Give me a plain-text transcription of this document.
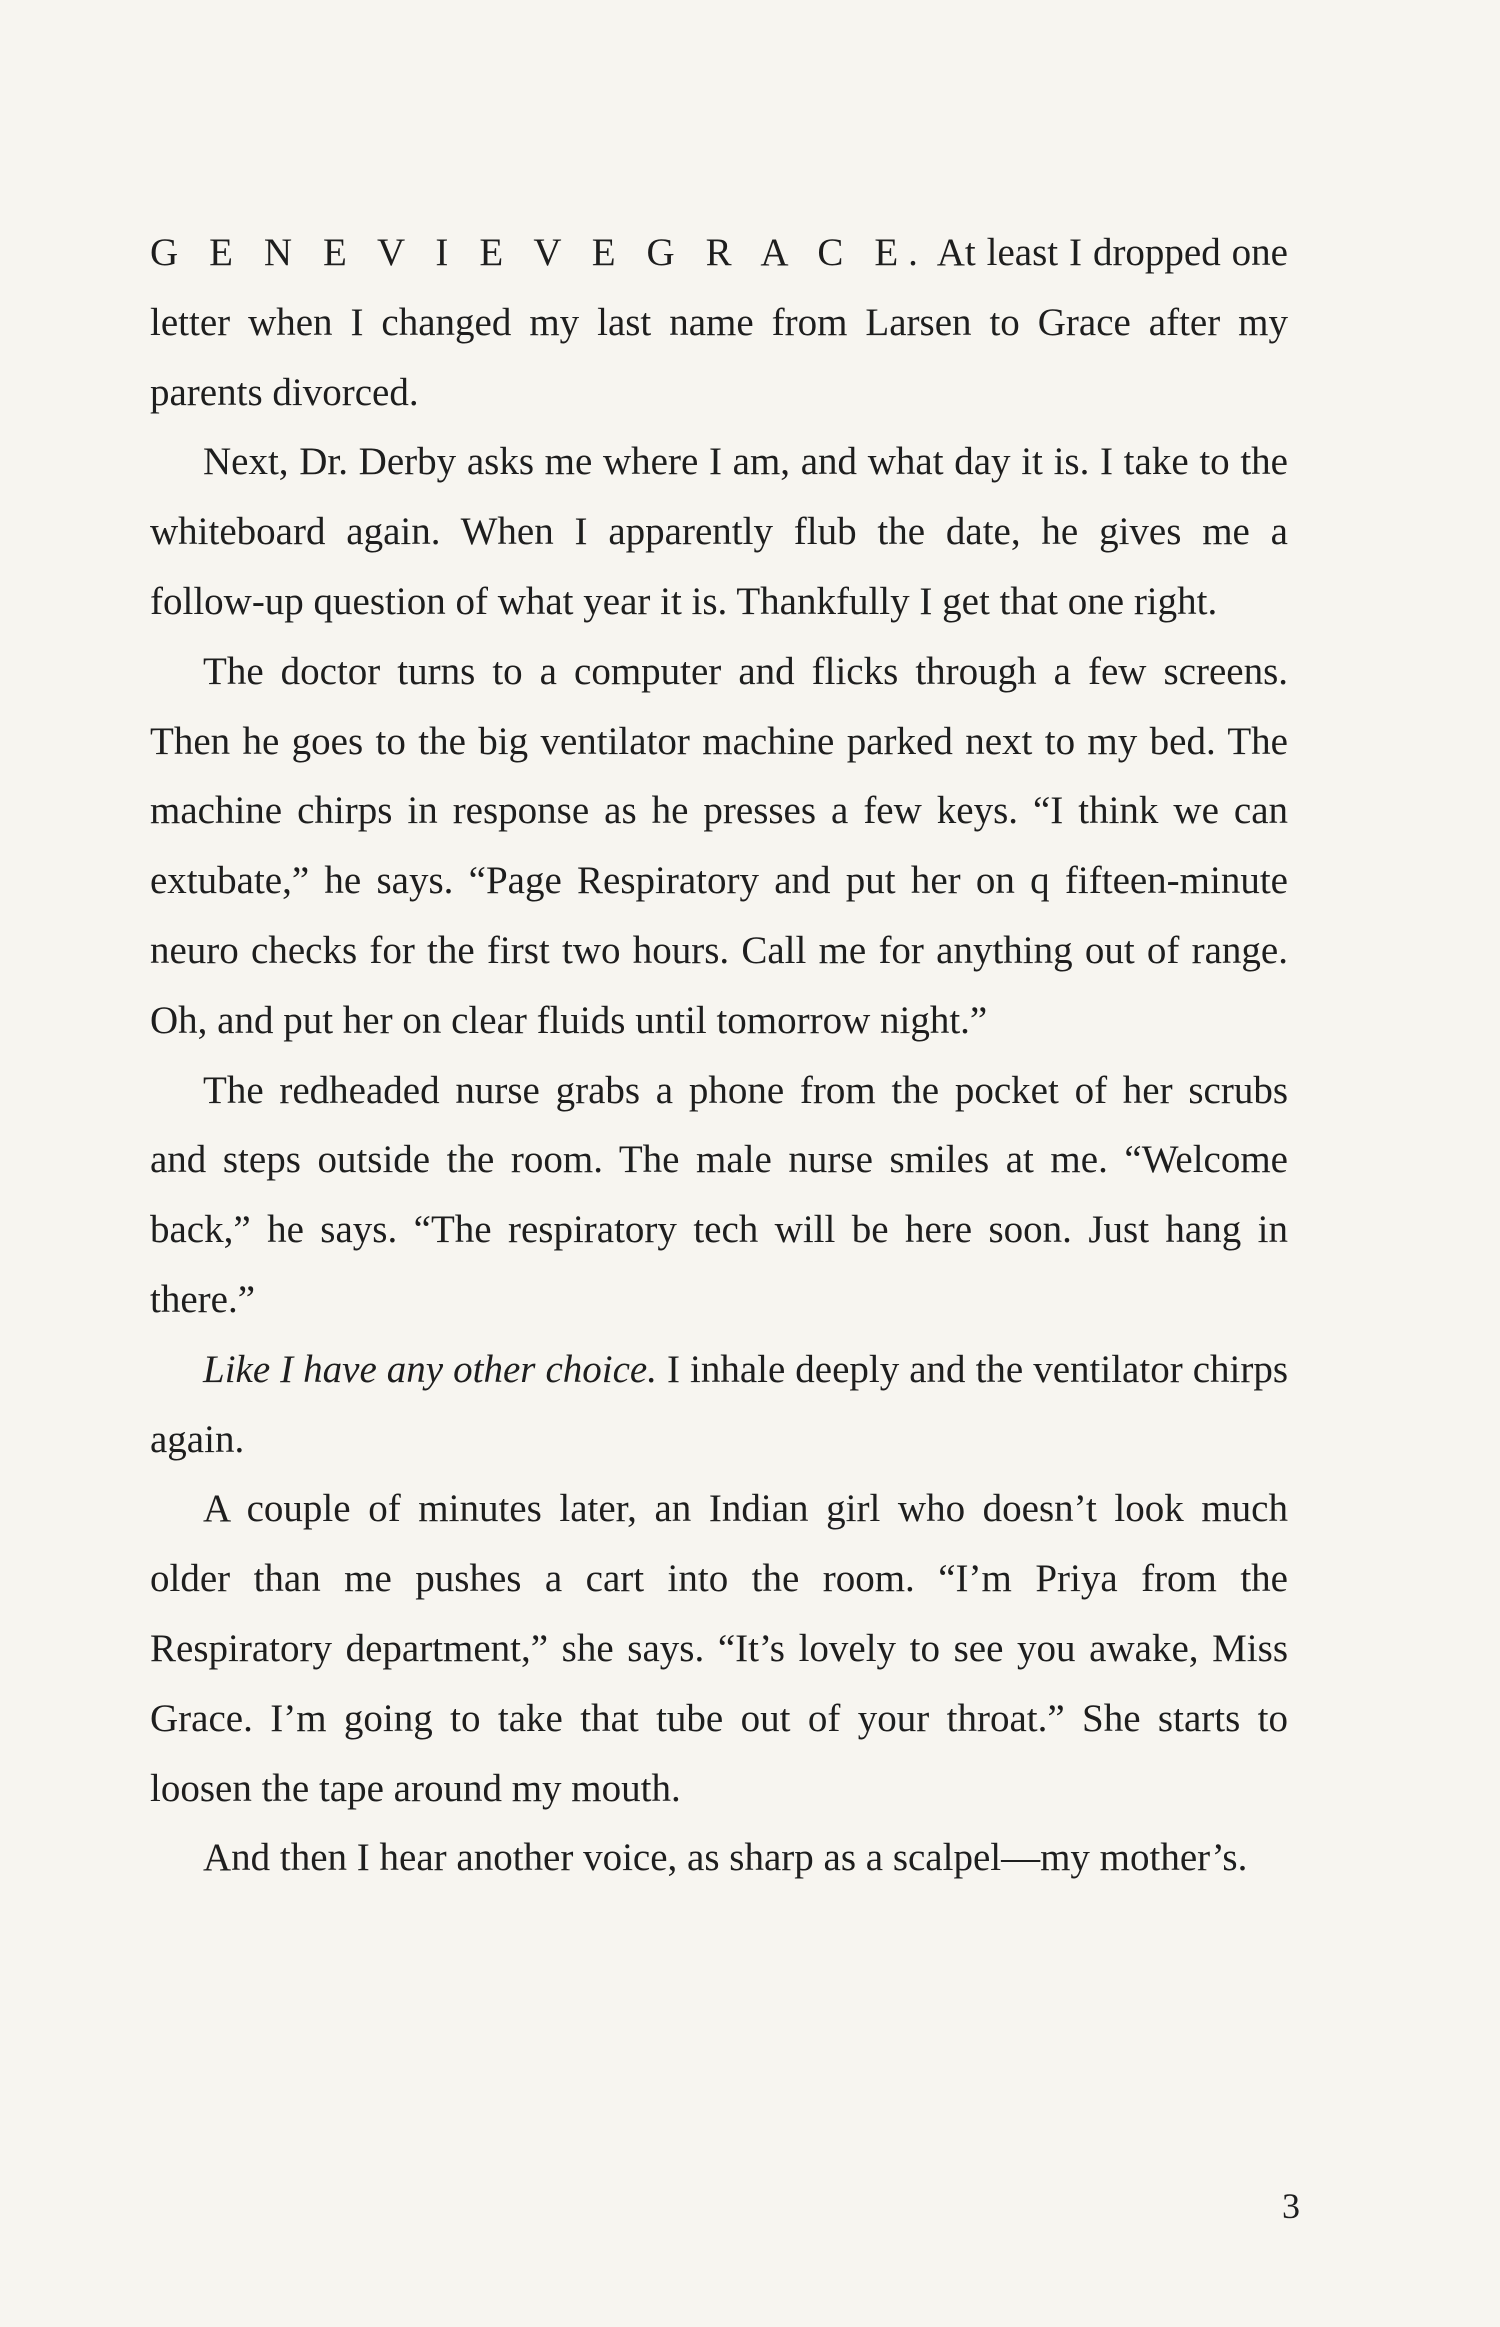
G E N E V I E V E G R A C E. At least I dropped one letter when I changed my last name from Larsen to Grace after my parents divorced.

Next, Dr. Derby asks me where I am, and what day it is. I take to the whiteboard again. When I apparently flub the date, he gives me a follow-up question of what year it is. Thankfully I get that one right.

The doctor turns to a computer and flicks through a few screens. Then he goes to the big ventilator machine parked next to my bed. The machine chirps in response as he presses a few keys. “I think we can extubate,” he says. “Page Respiratory and put her on q fifteen-minute neuro checks for the first two hours. Call me for anything out of range. Oh, and put her on clear fluids until tomorrow night.”

The redheaded nurse grabs a phone from the pocket of her scrubs and steps outside the room. The male nurse smiles at me. “Welcome back,” he says. “The respiratory tech will be here soon. Just hang in there.”

Like I have any other choice. I inhale deeply and the ventilator chirps again.

A couple of minutes later, an Indian girl who doesn’t look much older than me pushes a cart into the room. “I’m Priya from the Respiratory department,” she says. “It’s lovely to see you awake, Miss Grace. I’m going to take that tube out of your throat.” She starts to loosen the tape around my mouth.

And then I hear another voice, as sharp as a scalpel—my mother’s.

3
